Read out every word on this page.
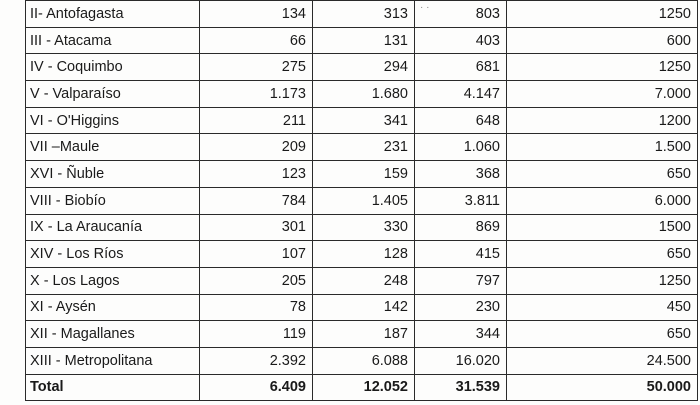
II- Antofagasta	134	313	803	1250
III - Atacama	66	131	403	600
IV - Coquimbo	275	294	681	1250
V - Valparaíso	1.173	1.680	4.147	7.000
VI - O'Higgins	211	341	648	1200
VII –Maule	209	231	1.060	1.500
XVI - Ñuble	123	159	368	650
VIII - Biobío	784	1.405	3.811	6.000
IX - La Araucanía	301	330	869	1500
XIV - Los Ríos	107	128	415	650
X - Los Lagos	205	248	797	1250
XI - Aysén	78	142	230	450
XII - Magallanes	119	187	344	650
XIII - Metropolitana	2.392	6.088	16.020	24.500
Total	6.409	12.052	31.539	50.000
· ·
